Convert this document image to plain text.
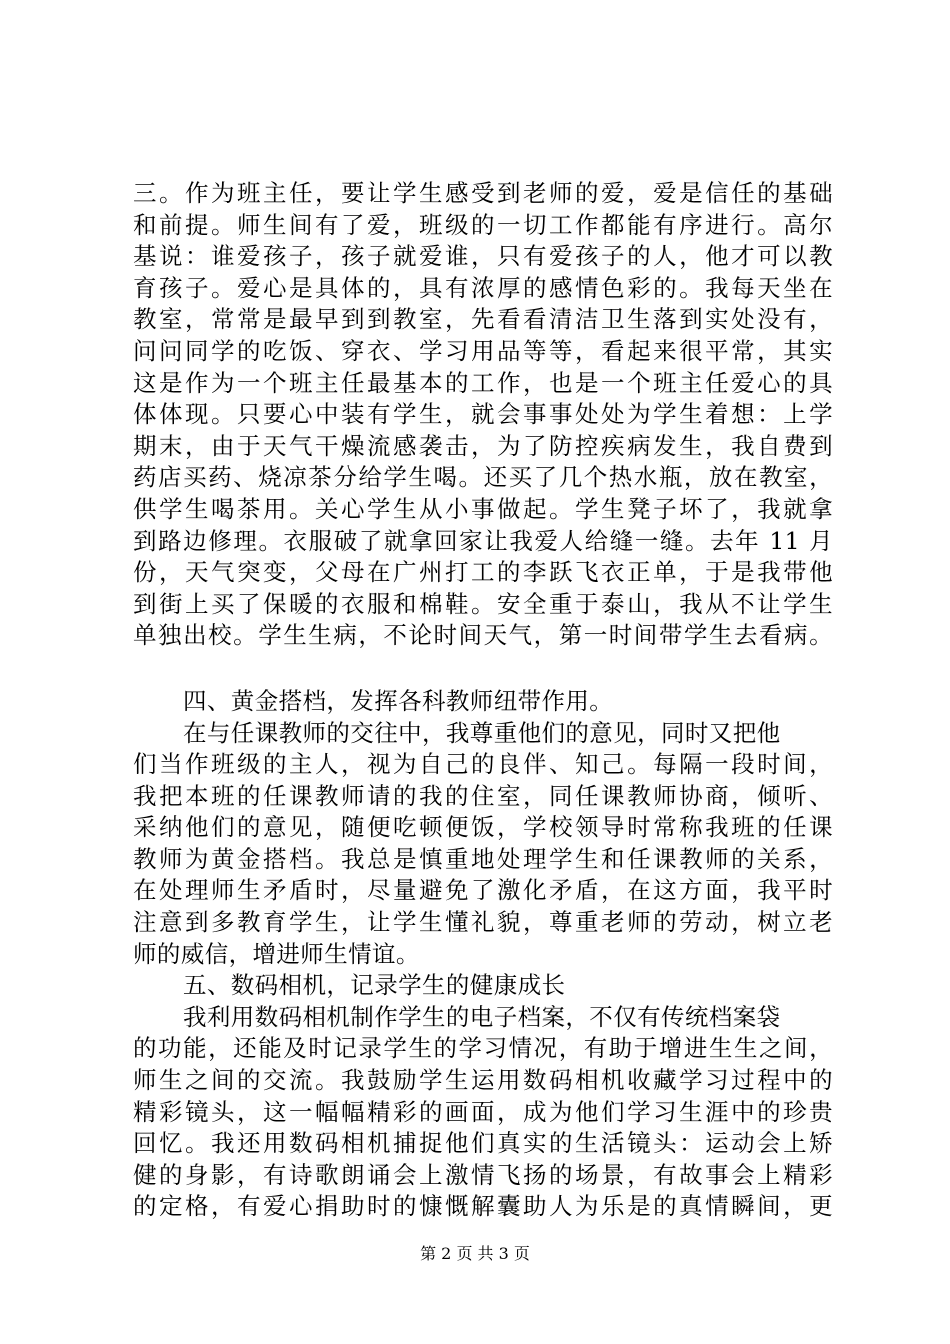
三。作为班主任，要让学生感受到老师的爱，爱是信任的基础
和前提。师生间有了爱，班级的一切工作都能有序进行。高尔
基说：谁爱孩子，孩子就爱谁，只有爱孩子的人，他才可以教
育孩子。爱心是具体的，具有浓厚的感情色彩的。我每天坐在
教室，常常是最早到到教室，先看看清洁卫生落到实处没有，
问问同学的吃饭、穿衣、学习用品等等，看起来很平常，其实
这是作为一个班主任最基本的工作，也是一个班主任爱心的具
体体现。只要心中装有学生，就会事事处处为学生着想：上学
期末，由于天气干燥流感袭击，为了防控疾病发生，我自费到
药店买药、烧凉茶分给学生喝。还买了几个热水瓶，放在教室，
供学生喝茶用。关心学生从小事做起。学生凳子坏了，我就拿
到路边修理。衣服破了就拿回家让我爱人给缝一缝。去年 11 月
份，天气突变，父母在广州打工的李跃飞衣正单，于是我带他
到街上买了保暖的衣服和棉鞋。安全重于泰山，我从不让学生
单独出校。学生生病，不论时间天气，第一时间带学生去看病。
四、黄金搭档，发挥各科教师纽带作用。
在与任课教师的交往中，我尊重他们的意见，同时又把他
们当作班级的主人，视为自己的良伴、知己。每隔一段时间，
我把本班的任课教师请的我的住室，同任课教师协商，倾听、
采纳他们的意见，随便吃顿便饭，学校领导时常称我班的任课
教师为黄金搭档。我总是慎重地处理学生和任课教师的关系，
在处理师生矛盾时，尽量避免了激化矛盾，在这方面，我平时
注意到多教育学生，让学生懂礼貌，尊重老师的劳动，树立老
师的威信，增进师生情谊。
五、数码相机，记录学生的健康成长
我利用数码相机制作学生的电子档案，不仅有传统档案袋
的功能，还能及时记录学生的学习情况，有助于增进生生之间，
师生之间的交流。我鼓励学生运用数码相机收藏学习过程中的
精彩镜头，这一幅幅精彩的画面，成为他们学习生涯中的珍贵
回忆。我还用数码相机捕捉他们真实的生活镜头：运动会上矫
健的身影，有诗歌朗诵会上激情飞扬的场景，有故事会上精彩
的定格，有爱心捐助时的慷慨解囊助人为乐是的真情瞬间，更
第 2 页 共 3 页
